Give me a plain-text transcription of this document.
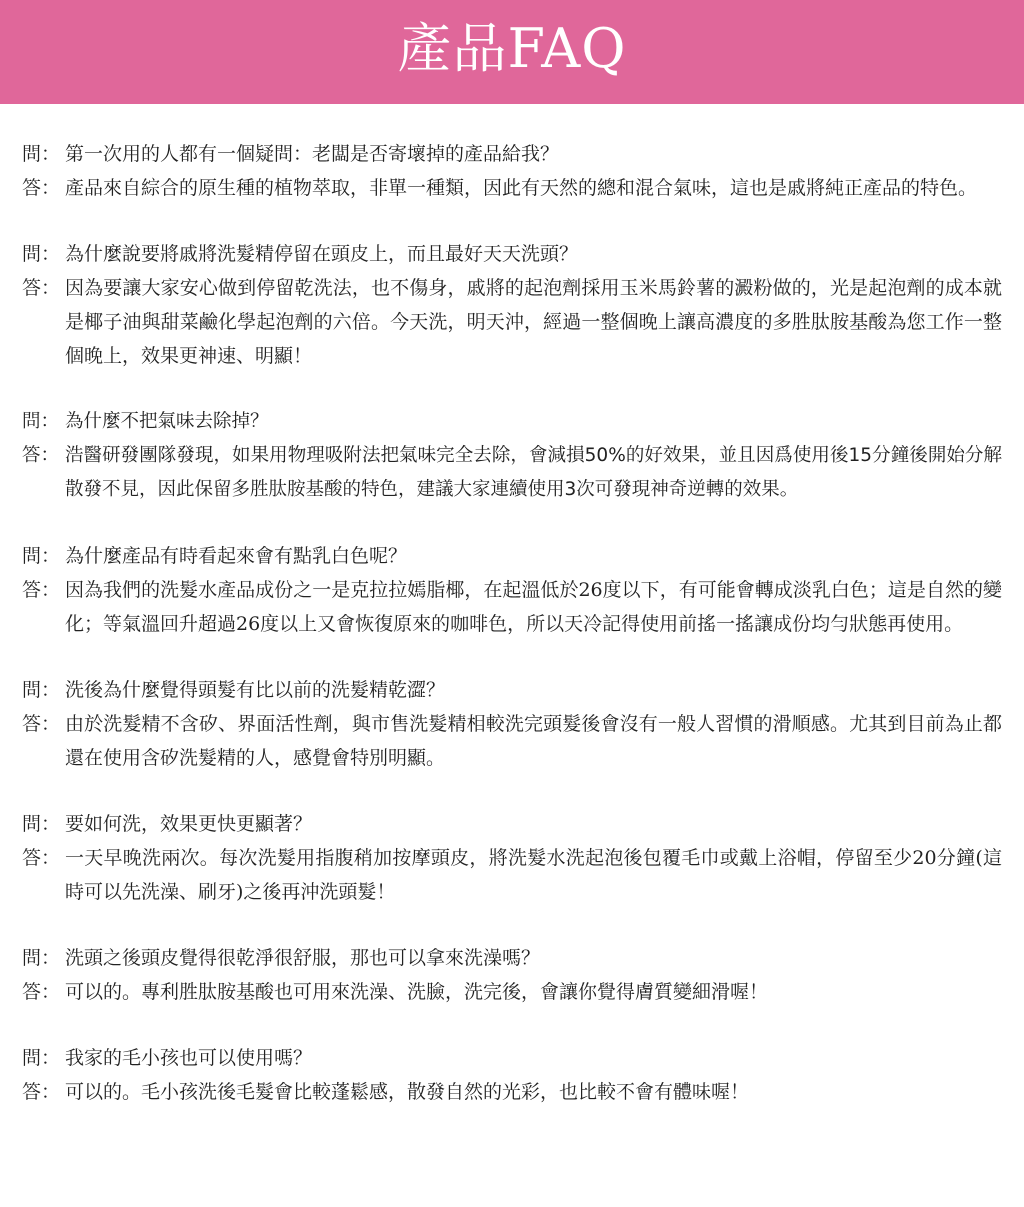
產品FAQ
問： 第一次用的人都有一個疑問：老闆是否寄壞掉的產品給我？
答： 產品來自綜合的原生種的植物萃取，非單一種類，因此有天然的總和混合氣味，這也是戚將純正產品的特色。
問： 為什麼說要將戚將洗髮精停留在頭皮上，而且最好天天洗頭？
答： 因為要讓大家安心做到停留乾洗法，也不傷身，戚將的起泡劑採用玉米馬鈴薯的澱粉做的，光是起泡劑的成本就是椰子油與甜菜鹼化學起泡劑的六倍。今天洗，明天沖，經過一整個晚上讓高濃度的多胜肽胺基酸為您工作一整個晚上，效果更神速、明顯！
問： 為什麼不把氣味去除掉？
答： 浩醫研發團隊發現，如果用物理吸附法把氣味完全去除，會減損50%的好效果，並且因爲使用後15分鐘後開始分解散發不見，因此保留多胜肽胺基酸的特色，建議大家連續使用3次可發現神奇逆轉的效果。
問： 為什麼產品有時看起來會有點乳白色呢？
答： 因為我們的洗髮水產品成份之一是克拉拉嫣脂椰，在起溫低於26度以下，有可能會轉成淡乳白色；這是自然的變化；等氣溫回升超過26度以上又會恢復原來的咖啡色，所以天冷記得使用前搖一搖讓成份均勻狀態再使用。
問： 洗後為什麼覺得頭髮有比以前的洗髮精乾澀？
答： 由於洗髮精不含矽、界面活性劑，與市售洗髮精相較洗完頭髮後會沒有一般人習慣的滑順感。尤其到目前為止都還在使用含矽洗髮精的人，感覺會特別明顯。
問： 要如何洗，效果更快更顯著？
答： 一天早晚洗兩次。每次洗髮用指腹稍加按摩頭皮，將洗髮水洗起泡後包覆毛巾或戴上浴帽，停留至少20分鐘(這時可以先洗澡、刷牙)之後再沖洗頭髮！
問： 洗頭之後頭皮覺得很乾淨很舒服，那也可以拿來洗澡嗎？
答： 可以的。專利胜肽胺基酸也可用來洗澡、洗臉，洗完後，會讓你覺得膚質變細滑喔！
問： 我家的毛小孩也可以使用嗎？
答： 可以的。毛小孩洗後毛髮會比較蓬鬆感，散發自然的光彩，也比較不會有體味喔！
